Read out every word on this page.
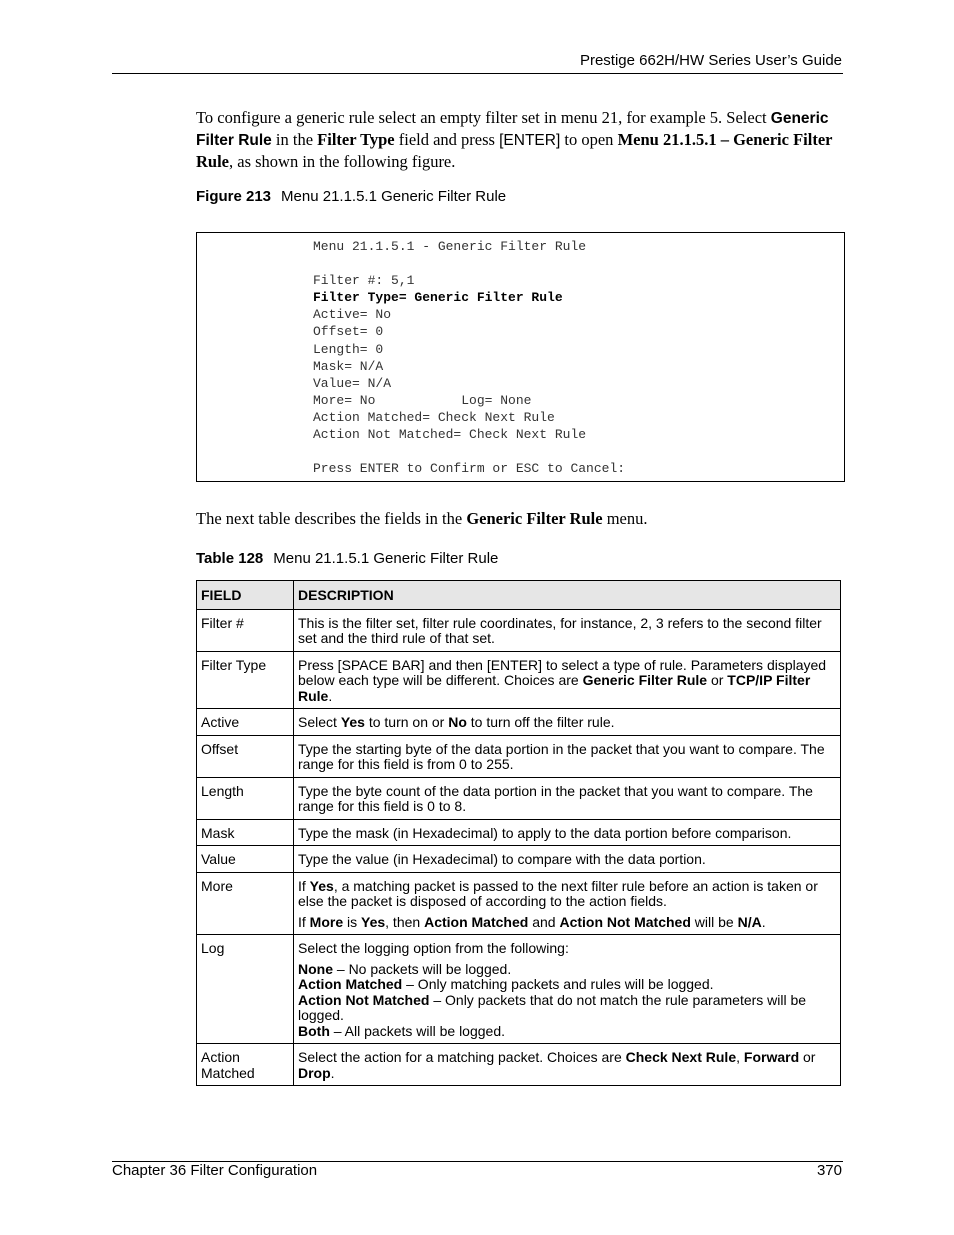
Prestige 662H/HW Series User’s Guide
To configure a generic rule select an empty filter set in menu 21, for example 5. Select Generic Filter Rule in the Filter Type field and press [ENTER] to open Menu 21.1.5.1 – Generic Filter Rule, as shown in the following figure.
Figure 213 Menu 21.1.5.1 Generic Filter Rule
Menu 21.1.5.1 - Generic Filter Rule
Filter #: 5,1
Filter Type= Generic Filter Rule
Active= No
Offset= 0
Length= 0
Mask= N/A
Value= N/A
More= No           Log= None
Action Matched= Check Next Rule
Action Not Matched= Check Next Rule
Press ENTER to Confirm or ESC to Cancel:
The next table describes the fields in the Generic Filter Rule menu.
Table 128 Menu 21.1.5.1 Generic Filter Rule
FIELD	DESCRIPTION
Filter #	This is the filter set, filter rule coordinates, for instance, 2, 3 refers to the second filter set and the third rule of that set.
Filter Type	Press [SPACE BAR] and then [ENTER] to select a type of rule. Parameters displayed below each type will be different. Choices are Generic Filter Rule or TCP/IP Filter Rule.
Active	Select Yes to turn on or No to turn off the filter rule.
Offset	Type the starting byte of the data portion in the packet that you want to compare. The range for this field is from 0 to 255.
Length	Type the byte count of the data portion in the packet that you want to compare. The range for this field is 0 to 8.
Mask	Type the mask (in Hexadecimal) to apply to the data portion before comparison.
Value	Type the value (in Hexadecimal) to compare with the data portion.
More	If Yes, a matching packet is passed to the next filter rule before an action is taken or else the packet is disposed of according to the action fields.

If More is Yes, then Action Matched and Action Not Matched will be N/A.

Log	Select the logging option from the following:

None – No packets will be logged.
Action Matched – Only matching packets and rules will be logged.
Action Not Matched – Only packets that do not match the rule parameters will be logged.
Both – All packets will be logged.

Action Matched	Select the action for a matching packet. Choices are Check Next Rule, Forward or Drop.
Chapter 36 Filter Configuration	370
